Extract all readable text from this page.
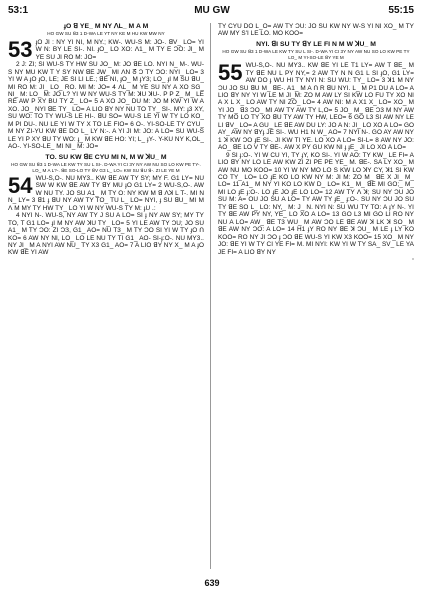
53:1	MU GW	55:15
ɟO ꓭ YE_ M NY ᐱL_ M A M
HO GW SU ꓭ3 1 D-WA LE YT NY KE M HU KW MW NY

53 ɟO JI : NY YI NI, M NY.; KW-. WU-S M: JO-. ꓭV_ LO= YI W N: BY LE SI-. NI. ɟO_ LO XO: ᐱ1_ M TY E ƆO: JI_ M YE SU JI RO M: JO=

2 J: ZI; SI WU-S TY HW SU JO_ M: JO ꓭE LO. NYI N_ M-. WU-S NY MU KW T Y SY NW ꓭE JW_ MI ᐱN ᘔ Ɔ TY ƆO: NYI_ LO= 3 YI W A ɟO ɟO, LE; JE SI LI LE.; ꓭE NI, ɟO_ M ɟY3; LO_ ɟI M SU ꓭU_ MI RO M: JI_ LO_ RO. MI M: JO= 4 ᐱL_ M YE SU NY A XO SG_ NI_ M: LO_ M: JO L? YI W NY WU-S TY M: ꓘU ꓘU-. P P Z_ M_ LE RE AW P XY BU TY Z_ LO= 5 A XO JO_ DU M: JO M KW YI W A XO. JO_ NYI ꓭE TY_ LO= A LIO ꓭY NY NU TO TY_ SI-. MY: ɟ3 XY, SU WO: TO TY WU-S LE HI-. ꓭU SO= WU-S LE YI W TY LO KO_ M PI DU-. NU LE YI W TY X TO LE FIO= 6 O-. YI-SO-LE TY CYU_ M NY ZI-YU KW ꓭE DO L_ LY N:-. A YI JI M: JO: A LO= SU WU-S LE YI P XY ꓭU TY WO: ɟ_ M KW ꓭE HO: YI; L_ ɟY-. Y-KU NY K,OL_ AO-. YI-SO-LE_ MI NI_ M: JO=

TO. SU KW ꓭE CYU MI N, M W ꓘU_ M
HO GW SU ꓭ3 1 D-WA LE KW TY SU L SI-. D-WA YI CI 3Y NY AW NU SO LO KW PE TY-. LO_ M A L?-. ꓭE SO-LO TY ꓭV G3 L_ LO= KW SU ꓭU ꓭ-. ZI LE YE M

54 WU-S,O-. NU MY3.. KW ꓭE AW TY SY; MY F. G1 LY= NU SW W KW ꓭE AW TY ꓭY MU ɟO G1 LY= 2 WU-S,O-. AW W NU TY. JO SU A1_ M TY O: NY KW M ꓭ ᐱꓘ L T-. MI N N_ LY= 3 ꓭ1 ɟ ꓭU NY AW TY TO_ TU L_ LO= NYI, ɟ SU ꓭU_ MI M ᐱ M MY TY HW TY_ LO YI W NY WU-S TY M: ɟU .:

4 NYI N-. WU-S, NY AW TY J SU A LO= SI ɟ NY AW SY; MY TY TO, T G1 LO= ɟI M NY AW ꓘU TY_ LO= 5 YI LE AW TY ƆU; JO SU A1_ M TY ƆO: ZI ƆЗ, G1_ AO= NU T3_ M TY ƆO SI YI W TY ɟO ᑎ KO= 6 AW NY NI, LO_ LO LE NU TY TI G1_ AO- SI-ɟ:O-. NU MY3.. NY JI_ M A NYI AW NU_ TY X3 G1_ AO= 7 A LIO ꓭY NY X_ M A ɟO KW ꓭE YI AW

TY CYU DO L_O= AW TY ƆU: JO SU KW NY W-S YI NI XO_ M TY AW MY S'I LE LO. MO KOO=

NYI. ꓭI SU TY ꓭY LE FI N M W ꓘU_ M
HO GW SU ꓭ3 1 D-WA LE KW TY SU L SI-. D-WA YI CI 3Y NY AW NU SO LO KW PE TY LO_ M YI-SO-LE ꓭY YE M

55 WU-S,O-. NU MY3.. KW ꓭE YI LE T1 LY= AW T ꓭE_ M TY ꓭE NU L PY NY,= 2 AW TY N N G1 L SI ɟO, G1 LY= AW DO ɟ WU HI TY NYI N: SU WU: TY_ LO= 3 ꓘ1 M NY ƆU JO SU ꓭU M_ ꓭE-. A1_ M A ᑎ R ꓭU NYI. L_ M P1 DU A LO= A LIO ꓭY NY YI W LE M JI_M: ZO M AW LY SI KW LO FU TY XO NI A X L X_ LO AW TY NI ZO_ LO= 4 AW NI: M A X1 X_ LO= XO_ M YI JO_ ꓭ3 ƆO_ MI AW TY AW TY L,O= 5 JO_ M_ ꓭE Ɔ3 M NY AW TY MO LO TY XO ꓭU TY AW TY HW, LEO= 6 GO L3 SI AW NY LE LI ꓭV_ LO= A GU_ LE ꓭE AW DU LY: JO A N: JI_ LO XO A LO= GO AY_ AW NY ꓭYɟ JE SI-. WU H1 N W_ AO= 7 NYI N-. GO AY AW NY 1 ꓘ KW ƆO ɟE SI-. JI KW TI YE. LO XO A LO= SI-L= 8 AW NY JO: AO_ ꓭE LO V TY ꓭE-. AW X PY GU KW NI ɟ ɟE_ JI LO XO A LO=

9 SI ɟ:O-. YI W CU YI, TY ɟY, KO SI-. YI W AO: TY KW_ LE FI= A LIO ꓭY NY LO LE AW KW ZI ZI PE PE YE_ M. ꓭE-. SA LY XO_ M AW NU MO KOO= 10 YI W NY MO LO S KW LO ꓘY CY, ꓘ1 SI KW CO TY_ LO= LO ɟE KO LO KW NY M: JI M: ZO M_ ꓭE X JI_ M_ LO= 11 A1_ M NY YI KO LO KW D_ LO= K1_ M_ ꓭE MI GO;_ M_ MI LO ɟE ɟ:O-. LO ɟE JO ɟE LO LO= 12 AW TY ᐱ ꓘ; SU NY ƆU JO SU M: A= OU JO SU A LO= TY AW TY ɟE_ ɟ:O-. SU NY ƆU JO SU TY ꓭE SO L_ LO: NY,_ M: J_ N. NYI N: SU WU TY TO: A ɟY N-. YI TY ꓭE AW PY NY, YE_ LO XO A LO= 13 GO L3 MI GO LI RO NY NU A LO= AW_ ꓭE T3 WU_ M AW ƆO LE ꓭE AW ꓘ LK ꓘ SO_ M ꓭE AW NY ƆO: A LO= 14 H1 ɟY RO NY ꓭE ꓘ ƆU_ M LE ɟ LY KO KOO= RO NY JI ƆO ɟ ƆO ꓭE WU-S YI KW X3 KOO= 15 XO_ M NY JO: ꓭE YI W TY CI YE FI= M. MI NYI: KW YI W TY SA_ SV_ LE YA JE FI= A LIO ꓭY NY

639
